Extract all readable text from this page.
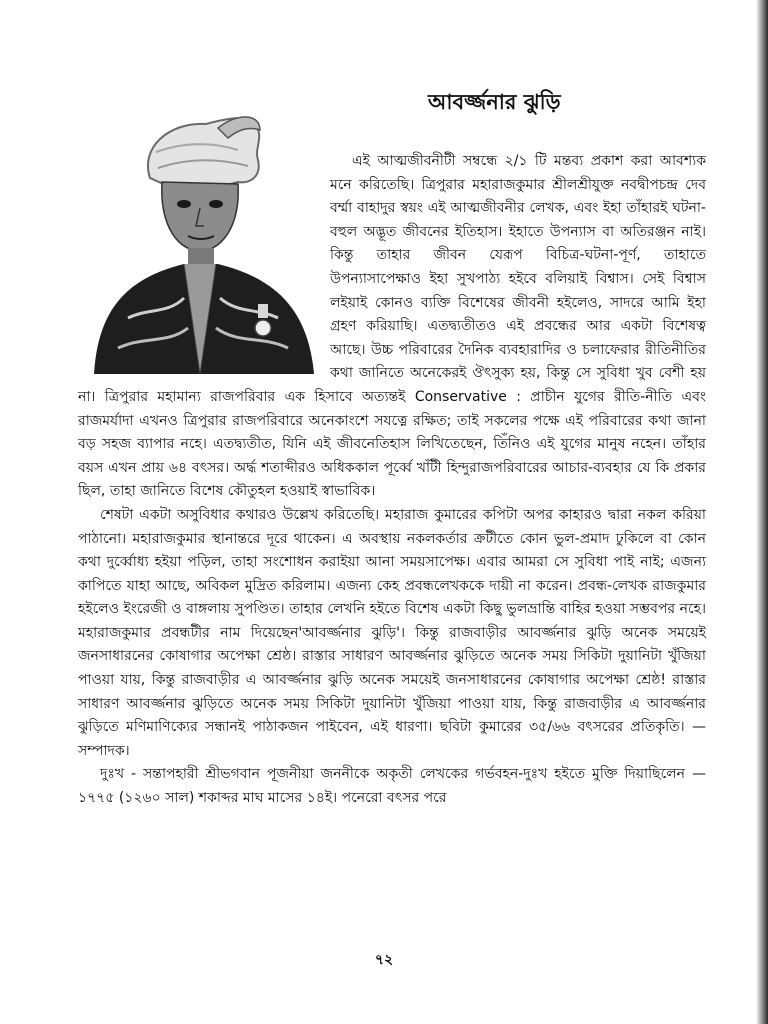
আবর্জ্জনার ঝুড়ি

এই আত্মজীবনীটী সম্বন্ধে ২/১ টি মন্তব্য প্রকাশ করা আবশ্যক মনে করিতেছি। ত্রিপুরার মহারাজকুমার শ্রীলশ্রীযুক্ত নবদ্বীপচন্দ্র দেব বর্ম্মা বাহাদুর স্বয়ং এই আত্মজীবনীর লেখক, এবং ইহা তাঁহারই ঘটনা-বহুল অদ্ভূত জীবনের ইতিহাস। ইহাতে উপন্যাস বা অতিরঞ্জন নাই। কিন্তু তাহার জীবন যেরূপ বিচিত্র-ঘটনা-পূর্ণ, তাহাতে উপন্যাসাপেক্ষাও ইহা সুখপাঠ্য হইবে বলিয়াই বিশ্বাস। সেই বিশ্বাস লইয়াই কোনও ব্যক্তি বিশেষের জীবনী হইলেও, সাদরে আমি ইহা গ্রহণ করিয়াছি। এতদ্ব্যতীতও এই প্রবন্ধের আর একটা বিশেষত্ব আছে। উচ্চ পরিবারের দৈনিক ব্যবহারাদির ও চলাফেরার রীতিনীতির কথা জানিতে অনেকেরই ঔৎসুক্য হয়, কিন্তু সে সুবিধা খুব বেশী হয় না। ত্রিপুরার মহামান্য রাজপরিবার এক হিসাবে অত্যন্তই Conservative : প্রাচীন যুগের রীতি-নীতি এবং রাজমর্যাদা এখনও ত্রিপুরার রাজপরিবারে অনেকাংশে সযত্নে রক্ষিত; তাই সকলের পক্ষে এই পরিবারের কথা জানা বড় সহজ ব্যাপার নহে। এতদ্ব্যতীত, যিনি এই জীবনেতিহাস লিখিতেছেন, তিঁনিও এই যুগের মানুষ নহেন। তাঁহার বয়স এখন প্রায় ৬৪ বৎসর। অর্দ্ধ শতাব্দীরও অধিককাল পূর্ব্বে খাঁটী হিন্দুরাজপরিবারের আচার-ব্যবহার যে কি প্রকার ছিল, তাহা জানিতে বিশেষ কৌতুহল হওয়াই স্বাভাবিক।

শেষটা একটা অসুবিধার কথারও উল্লেখ করিতেছি। মহারাজ কুমারের কপিটা অপর কাহারও দ্বারা নকল করিয়া পাঠানো। মহারাজকুমার স্থানান্তরে দূরে থাকেন। এ অবস্থায় নকলকর্তার ক্রটীতে কোন ভুল-প্রমাদ ঢুকিলে বা কোন কথা দুর্ব্বোধ্য হইয়া পড়িল, তাহা সংশোধন করাইয়া আনা সময়সাপেক্ষ। এবার আমরা সে সুবিধা পাই নাই; এজন্য কাপিতে যাহা আছে, অবিকল মুদ্রিত করিলাম। এজন্য কেহ প্রবন্ধলেখককে দায়ী না করেন। প্রবন্ধ-লেখক রাজকুমার হইলেও ইংরেজী ও বাঙ্গলায় সুপণ্ডিত। তাহার লেখনি হইতে বিশেষ একটা কিছু ভুলভ্রান্তি বাহির হওয়া সম্ভবপর নহে। মহারাজকুমার প্রবন্ধটীর নাম দিয়েছেন'আবর্জ্জনার ঝুড়ি'। কিন্তু রাজবাড়ীর আবর্জ্জনার ঝুড়ি অনেক সময়েই জনসাধারনের কোষাগার অপেক্ষা শ্রেষ্ঠ। রাস্তার সাধারণ আবর্জ্জনার ঝুড়িতে অনেক সময় সিকিটা দুয়ানিটা খুঁজিয়া পাওয়া যায়, কিন্তু রাজবাড়ীর এ আবর্জ্জনার ঝুড়ি অনেক সময়েই জনসাধারনের কোষাগার অপেক্ষা শ্রেষ্ঠ! রাস্তার সাধারণ আবর্জ্জনার ঝুড়িতে অনেক সময় সিকিটা দুয়ানিটা খুঁজিয়া পাওয়া যায়, কিন্তু রাজবাড়ীর এ আবর্জ্জনার ঝুড়িতে মণিমাণিক্যের সন্ধানই পাঠাকজন পাইবেন, এই ধারণা। ছবিটা কুমারের ৩৫/৬৬ বৎসরের প্রতিকৃতি। —সম্পাদক।

দুঃখ - সন্তাপহারী শ্রীভগবান পূজনীয়া জননীকে অকৃতী লেখকের গর্ভবহন-দুঃখ হইতে মুক্তি দিয়াছিলেন —১৭৭৫ (১২৬০ সাল) শকাব্দর মাঘ মাসের ১৪ই। পনেরো বৎসর পরে

৭২
